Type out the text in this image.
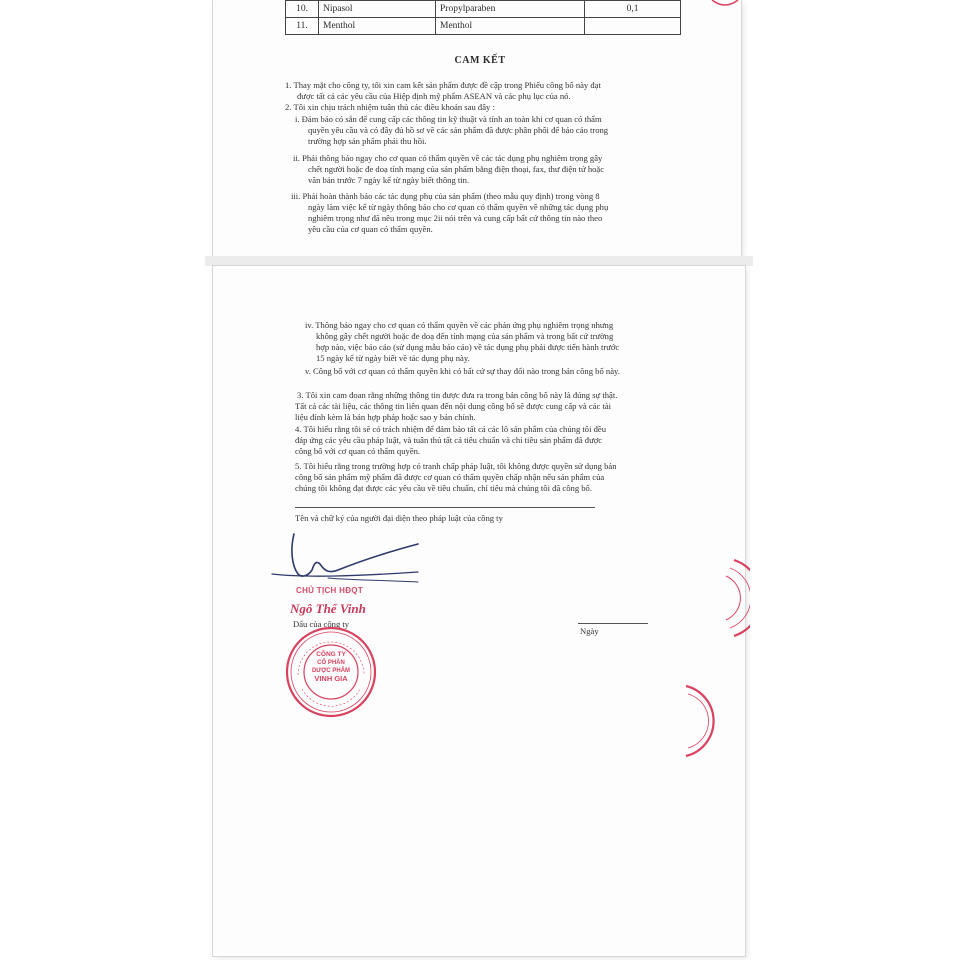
10.	Nipasol	Propylparaben	0,1
11.	Menthol	Menthol	
CAM KẾT

1. Thay mặt cho công ty, tôi xin cam kết sản phẩm được đề cập trong Phiếu công bố này đạt

được tất cả các yêu cầu của Hiệp định mỹ phẩm ASEAN và các phụ lục của nó.

2. Tôi xin chịu trách nhiệm tuân thủ các điều khoản sau đây :

i. Đảm bảo có sẵn để cung cấp các thông tin kỹ thuật và tính an toàn khi cơ quan có thẩm

quyền yêu cầu và có đầy đủ hồ sơ về các sản phẩm đã được phân phối để báo cáo trong

trường hợp sản phẩm phải thu hồi.

ii. Phải thông báo ngay cho cơ quan có thẩm quyền về các tác dụng phụ nghiêm trọng gây

chết người hoặc đe doạ tính mạng của sản phẩm bằng điện thoại, fax, thư điện tử hoặc

văn bản trước 7 ngày kể từ ngày biết thông tin.

iii. Phải hoàn thành báo các tác dụng phụ của sản phẩm (theo mẫu quy định) trong vòng 8

ngày làm việc kể từ ngày thông báo cho cơ quan có thẩm quyền về những tác dụng phụ

nghiêm trọng như đã nêu trong mục 2ii nói trên và cung cấp bất cứ thông tin nào theo

yêu cầu của cơ quan có thẩm quyền.

iv. Thông báo ngay cho cơ quan có thẩm quyền về các phản ứng phụ nghiêm trọng nhưng

không gây chết người hoặc đe doạ đến tính mạng của sản phẩm và trong bất cứ trường

hợp nào, việc báo cáo (sử dụng mẫu báo cáo) về tác dụng phụ phải được tiến hành trước

15 ngày kể từ ngày biết về tác dụng phụ này.

v. Công bố với cơ quan có thẩm quyền khi có bất cứ sự thay đổi nào trong bản công bố này.

3. Tôi xin cam đoan rằng những thông tin được đưa ra trong bản công bố này là đúng sự thật.

Tất cả các tài liệu, các thông tin liên quan đến nội dung công bố sẽ được cung cấp và các tài

liệu đính kèm là bản hợp pháp hoặc sao y bản chính.

4. Tôi hiểu rằng tôi sẽ có trách nhiệm để đảm bảo tất cả các lô sản phẩm của chúng tôi đều

đáp ứng các yêu cầu pháp luật, và tuân thủ tất cả tiêu chuẩn và chỉ tiêu sản phẩm đã được

công bố với cơ quan có thẩm quyền.

5. Tôi hiểu rằng trong trường hợp có tranh chấp pháp luật, tôi không được quyền sử dụng bản

công bố sản phẩm mỹ phẩm đã được cơ quan có thẩm quyền chấp nhận nếu sản phẩm của

chúng tôi không đạt được các yêu cầu về tiêu chuẩn, chỉ tiêu mà chúng tôi đã công bố.

Tên và chữ ký của người đại diện theo pháp luật của công ty

CHỦ TỊCH HĐQT
Ngô Thế Vinh

Dấu của công ty

Ngày

CÔNG TY
CỔ PHẦN
DƯỢC PHẨM
VINH GIA
